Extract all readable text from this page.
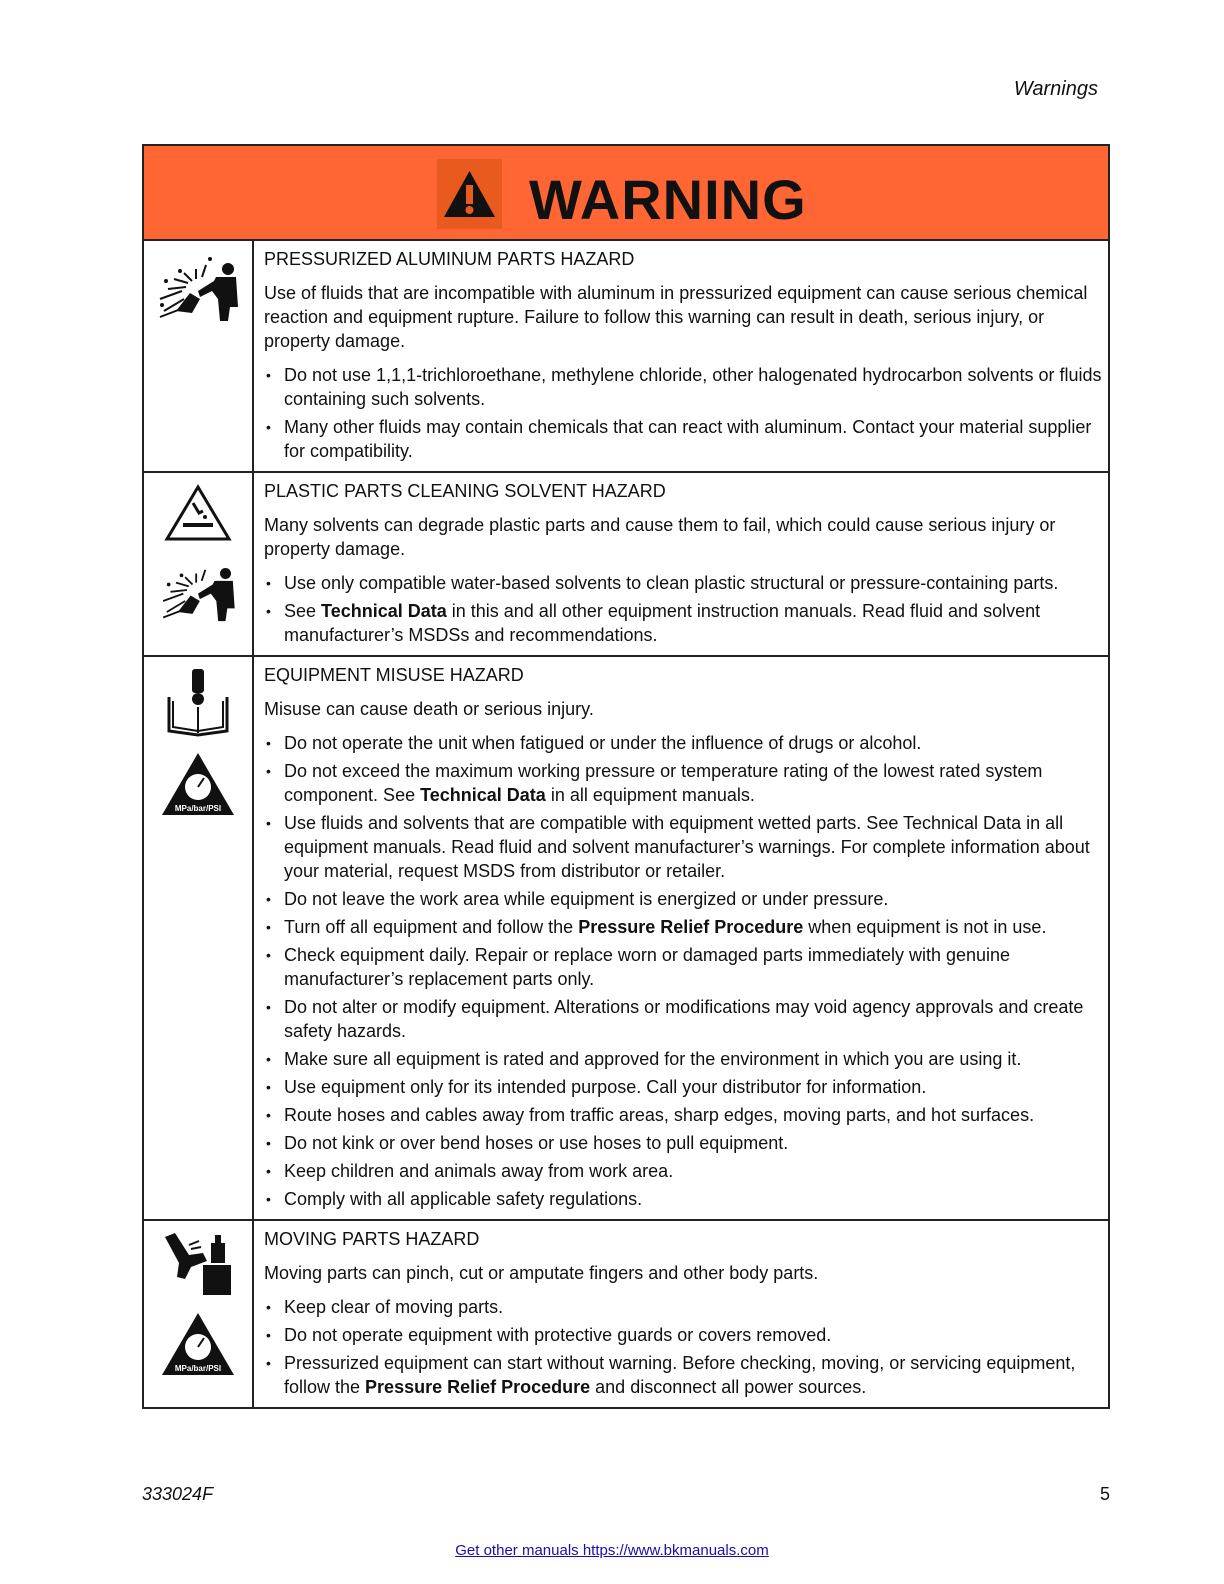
Warnings
WARNING
PRESSURIZED ALUMINUM PARTS HAZARD
Use of fluids that are incompatible with aluminum in pressurized equipment can cause serious chemical reaction and equipment rupture. Failure to follow this warning can result in death, serious injury, or property damage.
• Do not use 1,1,1-trichloroethane, methylene chloride, other halogenated hydrocarbon solvents or fluids containing such solvents.
• Many other fluids may contain chemicals that can react with aluminum. Contact your material supplier for compatibility.
PLASTIC PARTS CLEANING SOLVENT HAZARD
Many solvents can degrade plastic parts and cause them to fail, which could cause serious injury or property damage.
• Use only compatible water-based solvents to clean plastic structural or pressure-containing parts.
• See Technical Data in this and all other equipment instruction manuals. Read fluid and solvent manufacturer’s MSDSs and recommendations.
MPa/bar/PSI
EQUIPMENT MISUSE HAZARD
Misuse can cause death or serious injury.
• Do not operate the unit when fatigued or under the influence of drugs or alcohol.
• Do not exceed the maximum working pressure or temperature rating of the lowest rated system component. See Technical Data in all equipment manuals.
• Use fluids and solvents that are compatible with equipment wetted parts. See Technical Data in all equipment manuals. Read fluid and solvent manufacturer’s warnings. For complete information about your material, request MSDS from distributor or retailer.
• Do not leave the work area while equipment is energized or under pressure.
• Turn off all equipment and follow the Pressure Relief Procedure when equipment is not in use.
• Check equipment daily. Repair or replace worn or damaged parts immediately with genuine manufacturer’s replacement parts only.
• Do not alter or modify equipment. Alterations or modifications may void agency approvals and create safety hazards.
• Make sure all equipment is rated and approved for the environment in which you are using it.
• Use equipment only for its intended purpose. Call your distributor for information.
• Route hoses and cables away from traffic areas, sharp edges, moving parts, and hot surfaces.
• Do not kink or over bend hoses or use hoses to pull equipment.
• Keep children and animals away from work area.
• Comply with all applicable safety regulations.
MPa/bar/PSI
MOVING PARTS HAZARD
Moving parts can pinch, cut or amputate fingers and other body parts.
• Keep clear of moving parts.
• Do not operate equipment with protective guards or covers removed.
• Pressurized equipment can start without warning. Before checking, moving, or servicing equipment, follow the Pressure Relief Procedure and disconnect all power sources.
333024F	5
Get other manuals https://www.bkmanuals.com
